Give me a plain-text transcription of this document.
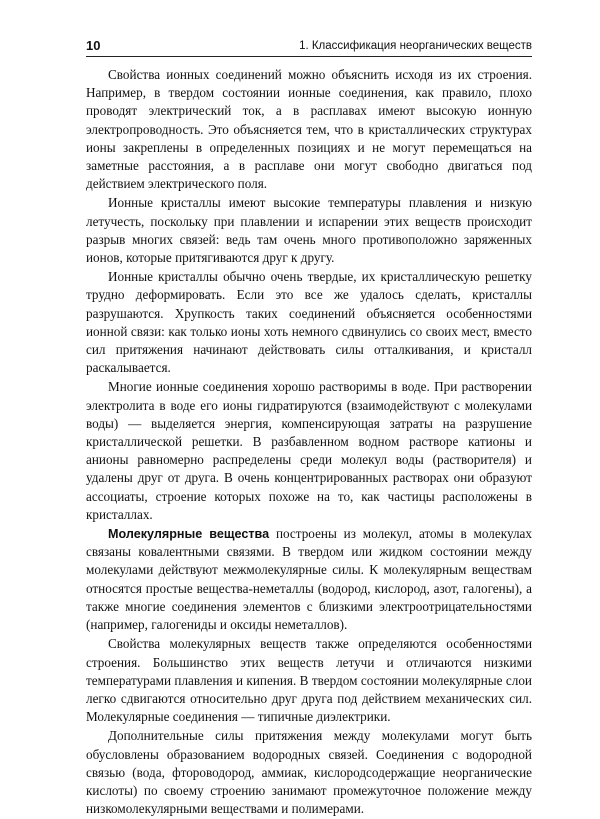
10	1. Классификация неорганических веществ

Свойства ионных соединений можно объяснить исходя из их строения. Например, в твердом состоянии ионные соединения, как правило, плохо проводят электрический ток, а в расплавах имеют высокую ионную электропроводность. Это объясняется тем, что в кристаллических структурах ионы закреплены в определенных позициях и не могут перемещаться на заметные расстояния, а в расплаве они могут свободно двигаться под действием электрического поля.

Ионные кристаллы имеют высокие температуры плавления и низкую летучесть, поскольку при плавлении и испарении этих веществ происходит разрыв многих связей: ведь там очень много противоположно заряженных ионов, которые притягиваются друг к другу.

Ионные кристаллы обычно очень твердые, их кристаллическую решетку трудно деформировать. Если это все же удалось сделать, кристаллы разрушаются. Хрупкость таких соединений объясняется особенностями ионной связи: как только ионы хоть немного сдвинулись со своих мест, вместо сил притяжения начинают действовать силы отталкивания, и кристалл раскалывается.

Многие ионные соединения хорошо растворимы в воде. При растворении электролита в воде его ионы гидратируются (взаимодействуют с молекулами воды) — выделяется энергия, компенсирующая затраты на разрушение кристаллической решетки. В разбавленном водном растворе катионы и анионы равномерно распределены среди молекул воды (растворителя) и удалены друг от друга. В очень концентрированных растворах они образуют ассоциаты, строение которых похоже на то, как частицы расположены в кристаллах.

Молекулярные вещества построены из молекул, атомы в молекулах связаны ковалентными связями. В твердом или жидком состоянии между молекулами действуют межмолекулярные силы. К молекулярным веществам относятся простые вещества-неметаллы (водород, кислород, азот, галогены), а также многие соединения элементов с близкими электроотрицательностями (например, галогениды и оксиды неметаллов).

Свойства молекулярных веществ также определяются особенностями строения. Большинство этих веществ летучи и отличаются низкими температурами плавления и кипения. В твердом состоянии молекулярные слои легко сдвигаются относительно друг друга под действием механических сил. Молекулярные соединения — типичные диэлектрики.

Дополнительные силы притяжения между молекулами могут быть обусловлены образованием водородных связей. Соединения с водородной связью (вода, фтороводород, аммиак, кислородсодержащие неорганические кислоты) по своему строению занимают промежуточное положение между низкомолекулярными веществами и полимерами.
